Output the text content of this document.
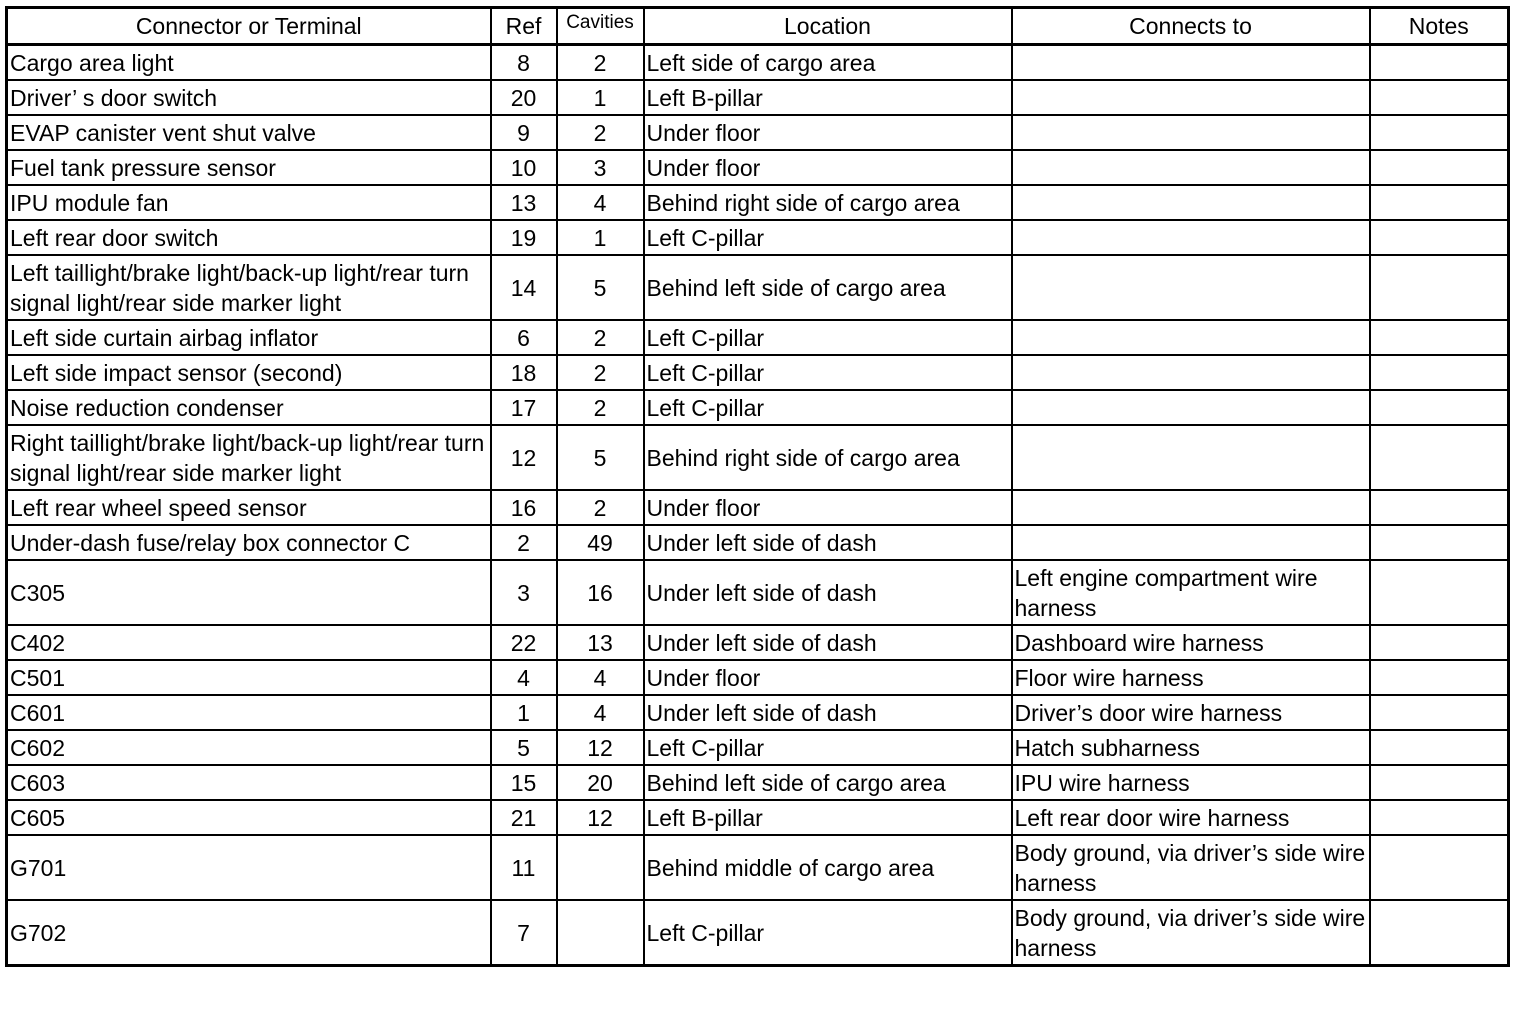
Connector or Terminal	Ref	Cavities	Location	Connects to	Notes
Cargo area light	8	2	Left side of cargo area		
Driver’ s door switch	20	1	Left B-pillar		
EVAP canister vent shut valve	9	2	Under floor		
Fuel tank pressure sensor	10	3	Under floor		
IPU module fan	13	4	Behind right side of cargo area		
Left rear door switch	19	1	Left C-pillar		
Left taillight/brake light/back-up light/rear turn signal light/rear side marker light	14	5	Behind left side of cargo area		
Left side curtain airbag inflator	6	2	Left C-pillar		
Left side impact sensor (second)	18	2	Left C-pillar		
Noise reduction condenser	17	2	Left C-pillar		
Right taillight/brake light/back-up light/rear turn signal light/rear side marker light	12	5	Behind right side of cargo area		
Left rear wheel speed sensor	16	2	Under floor		
Under-dash fuse/relay box connector C	2	49	Under left side of dash		
C305	3	16	Under left side of dash	Left engine compartment wire harness	
C402	22	13	Under left side of dash	Dashboard wire harness	
C501	4	4	Under floor	Floor wire harness	
C601	1	4	Under left side of dash	Driver’s door wire harness	
C602	5	12	Left C-pillar	Hatch subharness	
C603	15	20	Behind left side of cargo area	IPU wire harness	
C605	21	12	Left B-pillar	Left rear door wire harness	
G701	11		Behind middle of cargo area	Body ground, via driver’s side wire harness	
G702	7		Left C-pillar	Body ground, via driver’s side wire harness	
